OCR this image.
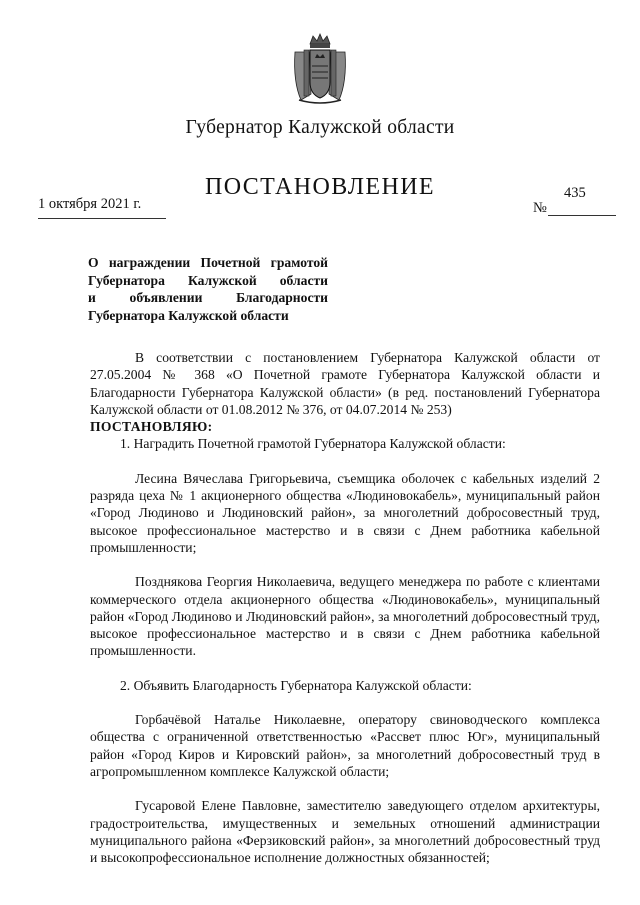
Губернатор Калужской области
ПОСТАНОВЛЕНИЕ
1 октября 2021 г.
435
№
О награждении Почетной грамотой
Губернатора Калужской области
и объявлении Благодарности
Губернатора Калужской области
В соответствии с постановлением Губернатора Калужской области от 27.05.2004 № 368 «О Почетной грамоте Губернатора Калужской области и Благодарности Губернатора Калужской области» (в ред. постановлений Губернатора Калужской области от 01.08.2012 № 376, от 04.07.2014 № 253)
ПОСТАНОВЛЯЮ:
1. Наградить Почетной грамотой Губернатора Калужской области:
Лесина Вячеслава Григорьевича, съемщика оболочек с кабельных изделий 2 разряда цеха № 1 акционерного общества «Людиновокабель», муниципальный район «Город Людиново и Людиновский район», за многолетний добросовестный труд, высокое профессиональное мастерство и в связи с Днем работника кабельной промышленности;
Позднякова Георгия Николаевича, ведущего менеджера по работе с клиентами коммерческого отдела акционерного общества «Людиновокабель», муниципальный район «Город Людиново и Людиновский район», за многолетний добросовестный труд, высокое профессиональное мастерство и в связи с Днем работника кабельной промышленности.
2. Объявить Благодарность Губернатора Калужской области:
Горбачёвой Наталье Николаевне, оператору свиноводческого комплекса общества с ограниченной ответственностью «Рассвет плюс Юг», муниципальный район «Город Киров и Кировский район», за многолетний добросовестный труд в агропромышленном комплексе Калужской области;
Гусаровой Елене Павловне, заместителю заведующего отделом архитектуры, градостроительства, имущественных и земельных отношений администрации муниципального района «Ферзиковский район», за многолетний добросовестный труд и высокопрофессиональное исполнение должностных обязанностей;
